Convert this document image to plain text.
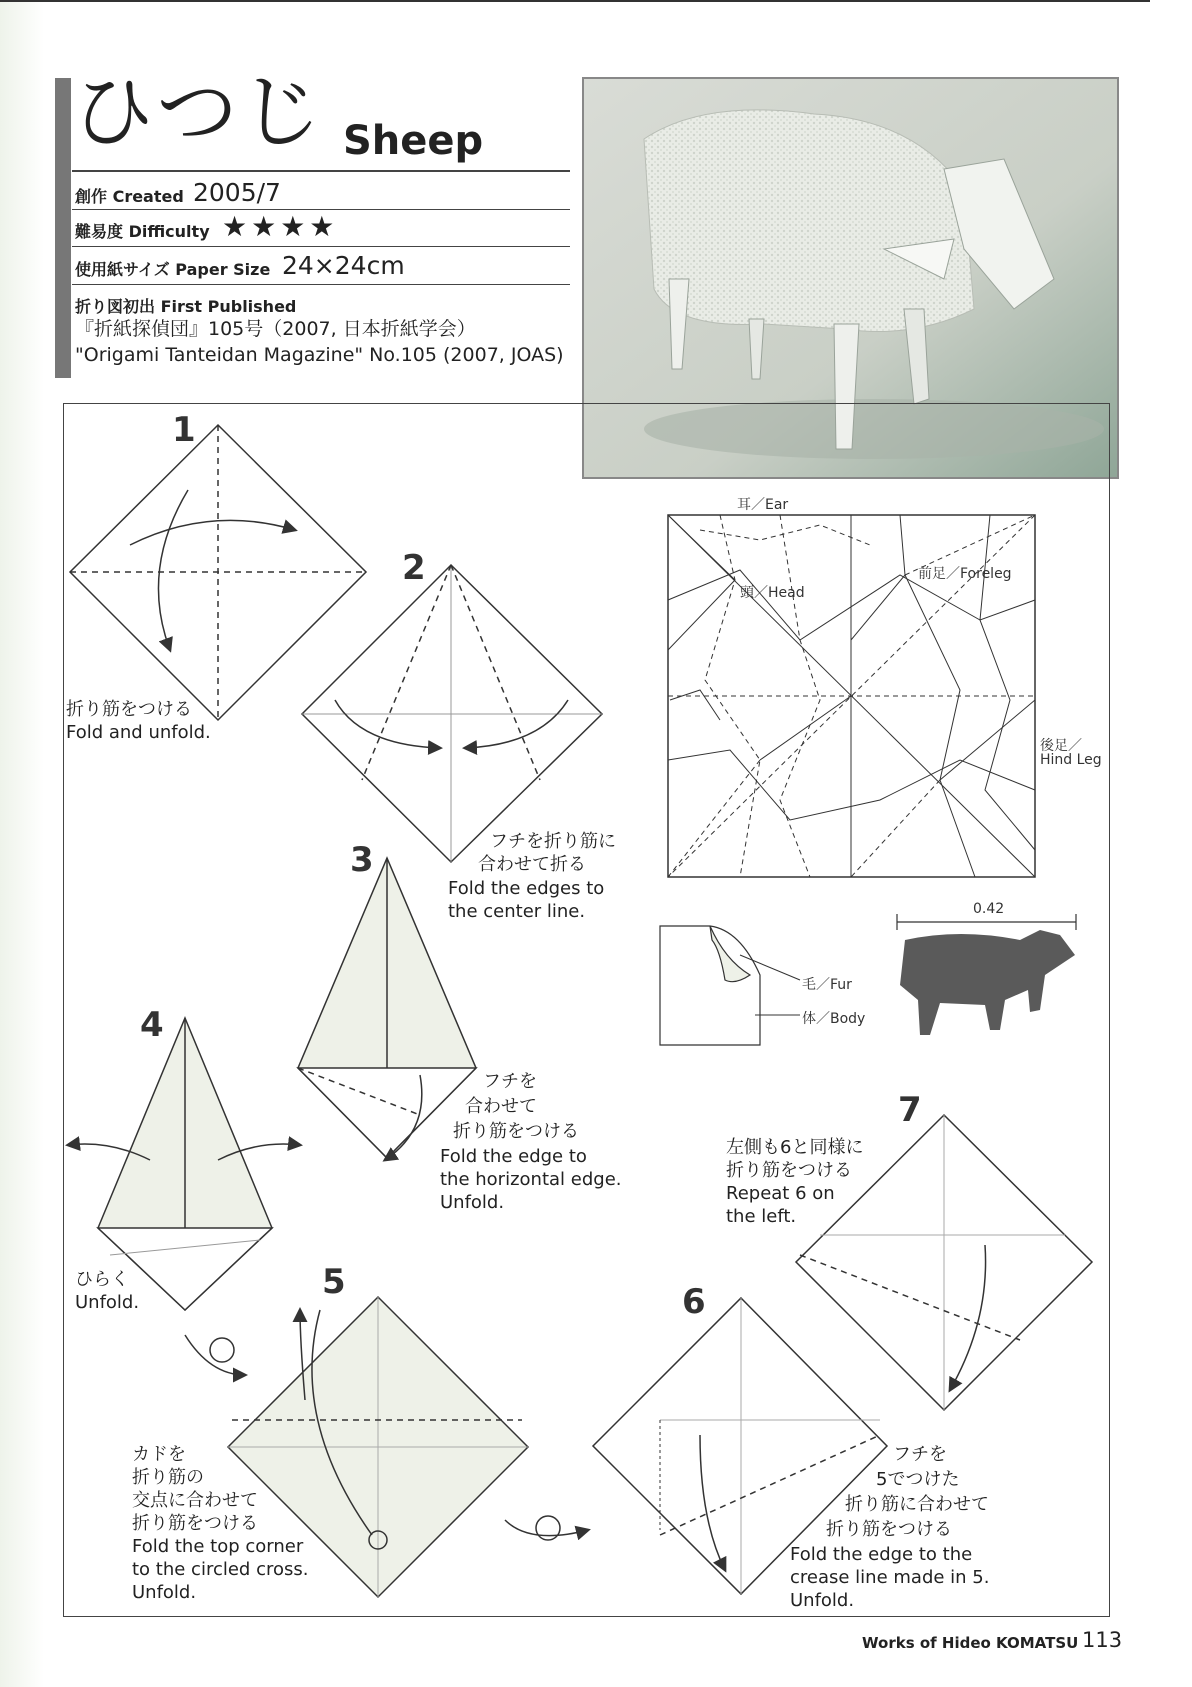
ひつじ Sheep
創作 Created 2005/7
難易度 Difficulty ★★★★
使用紙サイズ Paper Size 24×24cm
折り図初出 First Published
『折紙探偵団』105号（2007, 日本折紙学会）
"Origami Tanteidan Magazine" No.105 (2007, JOAS)
1
2
3
4
5	6
7
折り筋をつける
Fold and unfold.
フチを折り筋に
合わせて折る
Fold the edges to
the center line.
フチを
合わせて
折り筋をつける
Fold the edge to
the horizontal edge.
Unfold.
ひらく
Unfold.
カドを
折り筋の
交点に合わせて
折り筋をつける
Fold the top corner
to the circled cross.
Unfold.
フチを
5でつけた
折り筋に合わせて
折り筋をつける
Fold the edge to the
crease line made in 5.
Unfold.
左側も6と同様に
折り筋をつける
Repeat 6 on
the left.
耳／Ear
頭／Head
前足／Foreleg
後足／
Hind Leg
毛／Fur
体／Body
0.42
Works of Hideo KOMATSU 113
